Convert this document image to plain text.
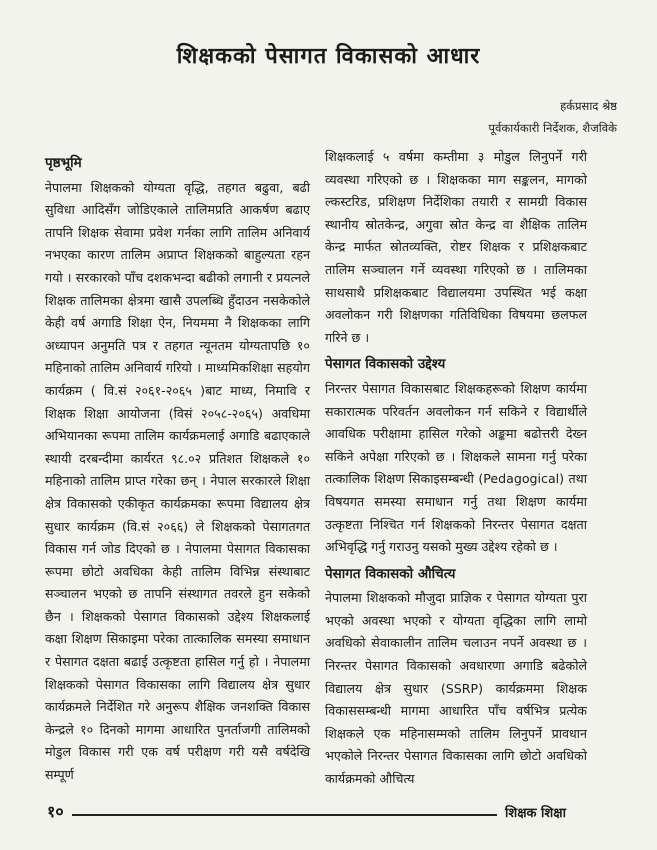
शिक्षकको पेसागत विकासको आधार
हर्कप्रसाद श्रेष्ठ
पूर्वकार्यकारी निर्देशक, शैजविके
पृष्ठभूमि

नेपालमा शिक्षकको योग्यता वृद्धि, तहगत बढुवा, बढी सुविधा आदिसँग जोडिएकाले तालिमप्रति आकर्षण बढाए तापनि शिक्षक सेवामा प्रवेश गर्नका लागि तालिम अनिवार्य नभएका कारण तालिम अप्राप्त शिक्षकको बाहुल्यता रहन गयो । सरकारको पाँच दशकभन्दा बढीको लगानी र प्रयत्नले शिक्षक तालिमका क्षेत्रमा खासै उपलब्धि हुँदाउन नसकेकोले केही वर्ष अगाडि शिक्षा ऐन, नियममा नै शिक्षकका लागि अध्यापन अनुमति पत्र र तहगत न्यूनतम योग्यतापछि १० महिनाको तालिम अनिवार्य गरियो । माध्यमिकशिक्षा सहयोग कार्यक्रम ( वि.सं २०६१-२०६५ )बाट माध्य, निमावि र शिक्षक शिक्षा आयोजना (विसं २०५८-२०६५) अवधिमा अभियानका रूपमा तालिम कार्यक्रमलाई अगाडि बढाएकाले स्थायी दरबन्दीमा कार्यरत ९८.०२ प्रतिशत शिक्षकले १० महिनाको तालिम प्राप्त गरेका छन् । नेपाल सरकारले शिक्षा क्षेत्र विकासको एकीकृत कार्यक्रमका रूपमा विद्यालय क्षेत्र सुधार कार्यक्रम (वि.सं २०६६) ले शिक्षकको पेसागतगत विकास गर्न जोड दिएको छ । नेपालमा पेसागत विकासका रूपमा छोटो अवधिका केही तालिम विभिन्न संस्थाबाट सञ्चालन भएको छ तापनि संस्थागत तवरले हुन सकेको छैन । शिक्षकको पेसागत विकासको उद्देश्य शिक्षकलाई कक्षा शिक्षण सिकाइमा परेका तात्कालिक समस्या समाधान र पेसागत दक्षता बढाई उत्कृष्टता हासिल गर्नु हो । नेपालमा शिक्षकको पेसागत विकासका लागि विद्यालय क्षेत्र सुधार कार्यक्रमले निर्देशित गरे अनुरूप शैक्षिक जनशक्ति विकास केन्द्रले १० दिनको मागमा आधारित पुनर्ताजगी तालिमको मोडुल विकास गरी एक वर्ष परीक्षण गरी यसै वर्षदेखि सम्पूर्ण

शिक्षकलाई ५ वर्षमा कम्तीमा ३ मोडुल लिनुपर्ने गरी व्यवस्था गरिएको छ । शिक्षकका माग सङ्कलन, मागको ल्कस्टरिड, प्रशिक्षण निर्देशिका तयारी र सामग्री विकास स्थानीय स्रोतकेन्द्र, अगुवा स्रोत केन्द्र वा शैक्षिक तालिम केन्द्र मार्फत स्रोतव्यक्ति, रोष्टर शिक्षक र प्रशिक्षकबाट तालिम सञ्चालन गर्ने व्यवस्था गरिएको छ । तालिमका साथसाथै प्रशिक्षकबाट विद्यालयमा उपस्थित भई कक्षा अवलोकन गरी शिक्षणका गतिविधिका विषयमा छलफल गरिने छ ।

पेसागत विकासको उद्देश्य

निरन्तर पेसागत विकासबाट शिक्षकहरूको शिक्षण कार्यमा सकारात्मक परिवर्तन अवलोकन गर्न सकिने र विद्यार्थीले आवधिक परीक्षामा हासिल गरेको अङ्कमा बढोत्तरी देख्न सकिने अपेक्षा गरिएको छ । शिक्षकले सामना गर्नु परेका तत्कालिक शिक्षण सिकाइसम्बन्धी (Pedagogical) तथा विषयगत समस्या समाधान गर्नु तथा शिक्षण कार्यमा उत्कृष्टता निश्चित गर्न शिक्षकको निरन्तर पेसागत दक्षता अभिवृद्धि गर्नु गराउनु यसको मुख्य उद्देश्य रहेको छ ।

पेसागत विकासको औचित्य

नेपालमा शिक्षकको मौजुदा प्राज्ञिक र पेसागत योग्यता पुरा भएको अवस्था भएको र योग्यता वृद्धिका लागि लामो अवधिको सेवाकालीन तालिम चलाउन नपर्ने अवस्था छ । निरन्तर पेसागत विकासको अवधारणा अगाडि बढेकोले विद्यालय क्षेत्र सुधार (SSRP) कार्यक्रममा शिक्षक विकाससम्बन्धी मागमा आधारित पाँच वर्षभित्र प्रत्येक शिक्षकले एक महिनासम्मको तालिम लिनुपर्ने प्रावधान भएकोले निरन्तर पेसागत विकासका लागि छोटो अवधिको कार्यक्रमको औचित्य

१०	शिक्षक शिक्षा
